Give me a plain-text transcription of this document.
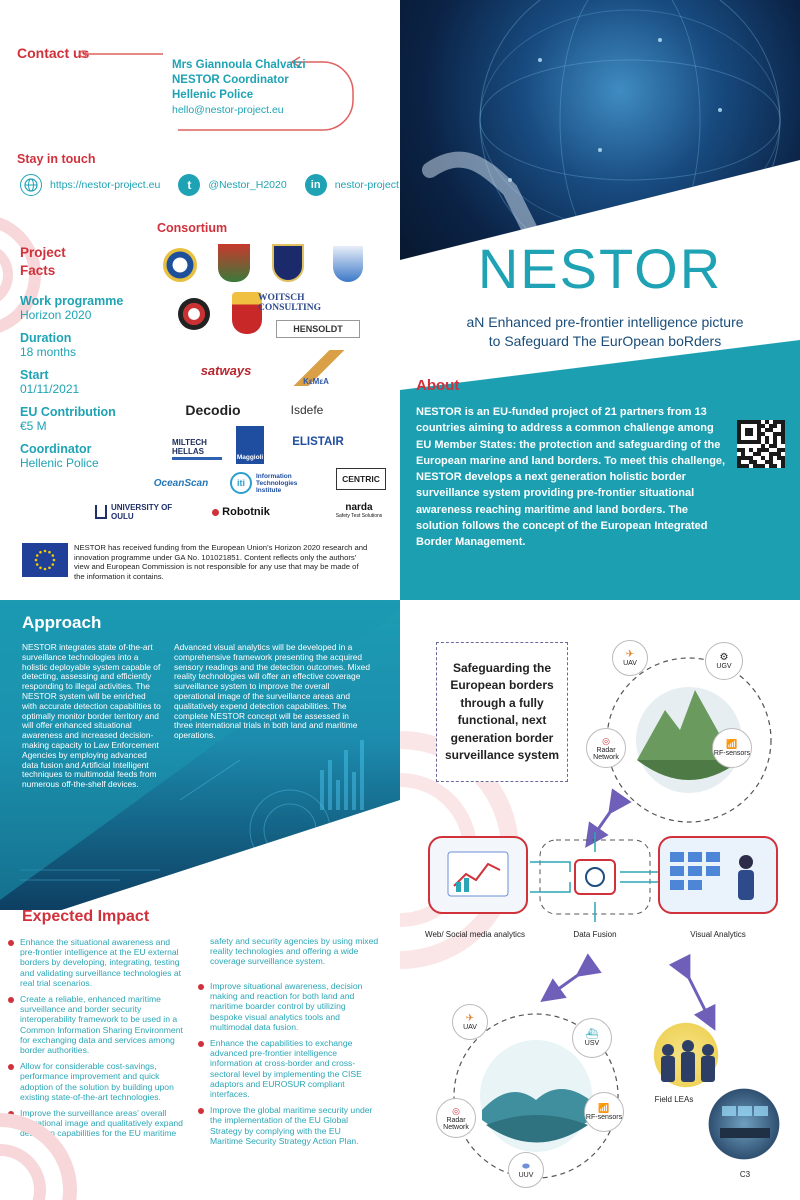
Contact us
Mrs Giannoula Chalvatzi
NESTOR Coordinator
Hellenic Police
hello@nestor-project.eu
Stay in touch
https://nestor-project.eu	t	@Nestor_H2020	in	nestor-project
Project
Facts
Work programme
Horizon 2020
Duration
18 months
Start
01/11/2021
EU Contribution
€5 M
Coordinator
Hellenic Police
Consortium
WOITSCH CONSULTING
HENSOLDT
satways
KεMεA
Decodio	Isdefe
MILTECH HELLAS
Maggioli
ELISTAIR
OceanScan	iti
Information Technologies Institute
CENTRIC
UNIVERSITY OF OULU	Robotnik	narda
Safety Test Solutions
NESTOR has received funding from the European Union’s Horizon 2020 research and innovation programme under GA No. 101021851. Content reflects only the authors’ view and European Commission is not responsible for any use that may be made of the information it contains.
NESTOR
aN Enhanced pre-frontier intelligence picture
to Safeguard The EurOpean boRders
About
NESTOR is an EU-funded project of 21 partners from 13 countries aiming to address a common challenge among EU Member States: the protection and safeguarding of the European marine and land borders. To meet this challenge, NESTOR develops a next generation holistic border surveillance system providing pre-frontier situational awareness reaching maritime and land borders. The solution follows the concept of the European Integrated Border Management.
Approach
NESTOR integrates state of-the-art surveillance technologies into a holistic deployable system capable of detecting, assessing and efficiently responding to illegal activities. The NESTOR system will be enriched with accurate detection capabilities to optimally monitor border territory and will offer enhanced situational awareness and increased decision-making capacity to Law Enforcement Agencies by employing advanced data fusion and Artificial Intelligent techniques to multimodal feeds from numerous off-the-shelf devices.
Advanced visual analytics will be developed in a comprehensive framework presenting the acquired sensory readings and the detection outcomes. Mixed reality technologies will offer an effective coverage surveillance system to improve the overall operational image of the surveillance areas and qualitatively expend detection capabilities. The complete NESTOR concept will be assessed in three international trials in both land and maritime operations.
Expected Impact
Enhance the situational awareness and pre-frontier intelligence at the EU external borders by developing, integrating, testing and validating surveillance technologies at real trial scenarios.
Create a reliable, enhanced maritime surveillance and border security interoperability framework to be used in a Common Information Sharing Environment for exchanging data and services among border authorities.
Allow for considerable cost-savings, performance improvement and quick adoption of the solution by building upon existing state-of-the-art technologies.
Improve the surveillance areas’ overall operational image and qualitatively expand detection capabilities for the EU maritime
safety and security agencies by using mixed reality technologies and offering a wide coverage surveillance system.
Improve situational awareness, decision making and reaction for both land and maritime boarder control by utilizing bespoke visual analytics tools and multimodal data fusion.
Enhance the capabilities to exchange advanced pre-frontier intelligence information at cross-border and cross-sectoral level by implementing the CISE adaptors and EUROSUR compliant interfaces.
Improve the global maritime security under the implementation of the EU Global Strategy by complying with the EU Maritime Security Strategy Action Plan.
Safeguarding the European borders through a fully functional, next generation border surveillance system
✈
UAV
⚙
UGV
◎
Radar Network
📶
RF-sensors
Web/ Social media analytics	Data Fusion	Visual Analytics
✈
UAV
⛴
USV
◎
Radar Network
📶
RF-sensors
⬬
UUV
Field LEAs
C3
